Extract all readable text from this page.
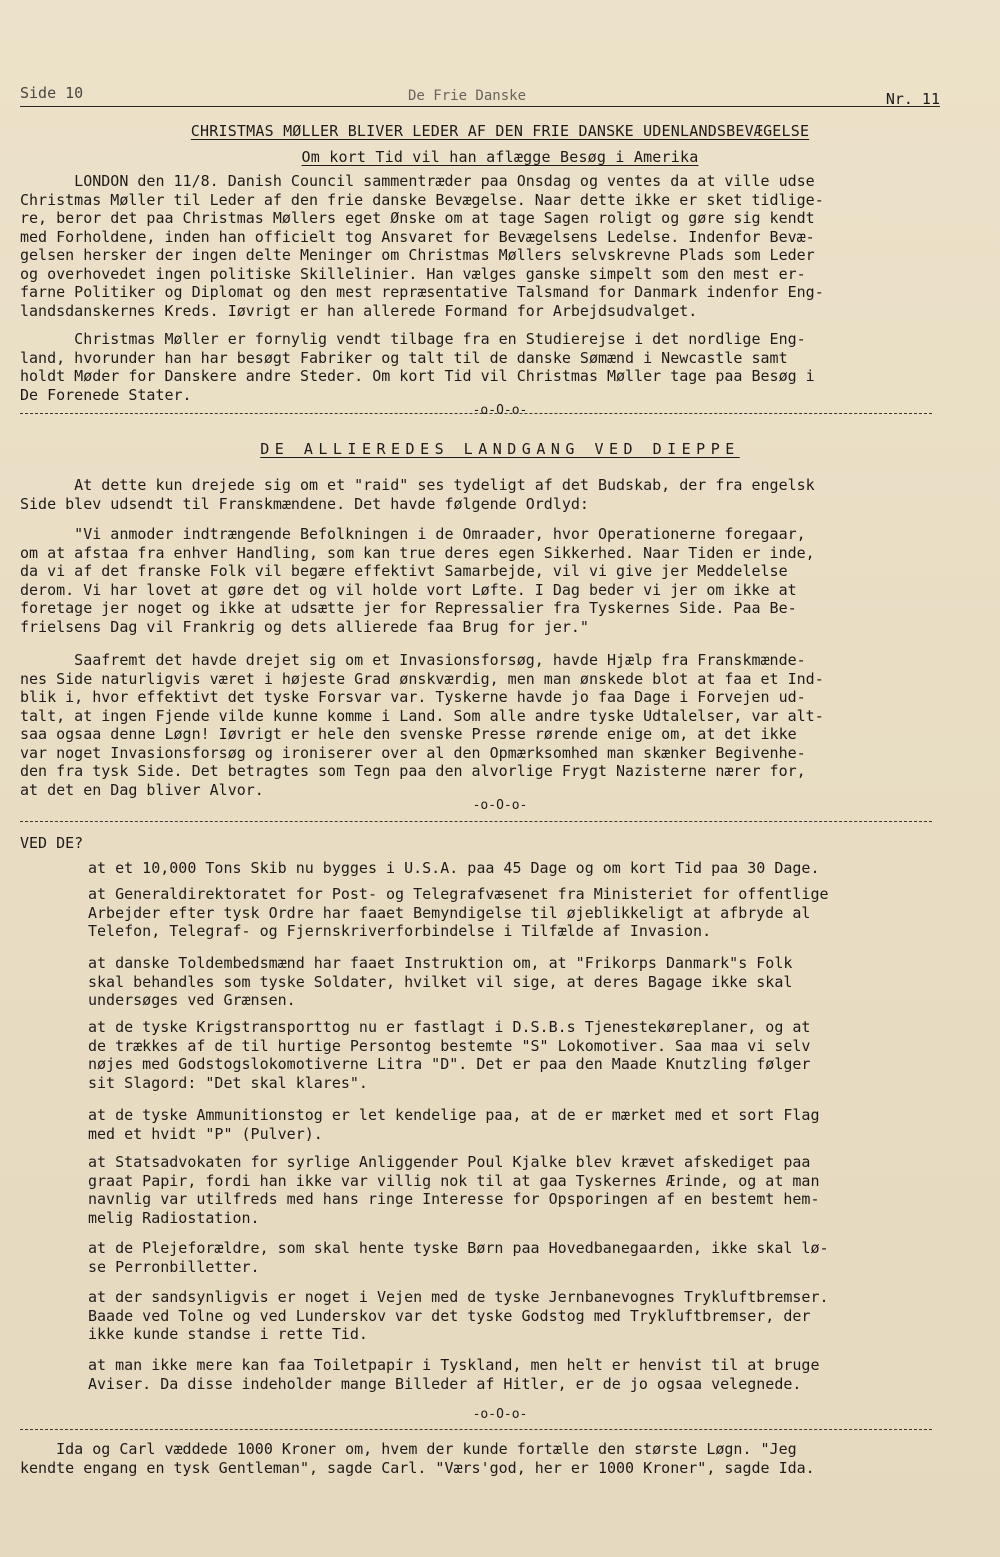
Side 10	De Frie Danske	Nr. 11
CHRISTMAS MØLLER BLIVER LEDER AF DEN FRIE DANSKE UDENLANDSBEVÆGELSE
Om kort Tid vil han aflægge Besøg i Amerika

LONDON den 11/8. Danish Council sammentræder paa Onsdag og ventes da at ville udse
Christmas Møller til Leder af den frie danske Bevægelse. Naar dette ikke er sket tidlige-
re, beror det paa Christmas Møllers eget Ønske om at tage Sagen roligt og gøre sig kendt
med Forholdene, inden han officielt tog Ansvaret for Bevægelsens Ledelse. Indenfor Bevæ-
gelsen hersker der ingen delte Meninger om Christmas Møllers selvskrevne Plads som Leder
og overhovedet ingen politiske Skillelinier. Han vælges ganske simpelt som den mest er-
farne Politiker og Diplomat og den mest repræsentative Talsmand for Danmark indenfor Eng-
landsdanskernes Kreds. Iøvrigt er han allerede Formand for Arbejdsudvalget.

Christmas Møller er fornylig vendt tilbage fra en Studierejse i det nordlige Eng-
land, hvorunder han har besøgt Fabriker og talt til de danske Sømænd i Newcastle samt
holdt Møder for Danskere andre Steder. Om kort Tid vil Christmas Møller tage paa Besøg i
De Forenede Stater.

-o-O-o-
DE ALLIEREDES LANDGANG VED DIEPPE

At dette kun drejede sig om et "raid" ses tydeligt af det Budskab, der fra engelsk
Side blev udsendt til Franskmændene. Det havde følgende Ordlyd:

"Vi anmoder indtrængende Befolkningen i de Omraader, hvor Operationerne foregaar,
om at afstaa fra enhver Handling, som kan true deres egen Sikkerhed. Naar Tiden er inde,
da vi af det franske Folk vil begære effektivt Samarbejde, vil vi give jer Meddelelse
derom. Vi har lovet at gøre det og vil holde vort Løfte. I Dag beder vi jer om ikke at
foretage jer noget og ikke at udsætte jer for Repressalier fra Tyskernes Side. Paa Be-
frielsens Dag vil Frankrig og dets allierede faa Brug for jer."

Saafremt det havde drejet sig om et Invasionsforsøg, havde Hjælp fra Franskmænde-
nes Side naturligvis været i højeste Grad ønskværdig, men man ønskede blot at faa et Ind-
blik i, hvor effektivt det tyske Forsvar var. Tyskerne havde jo faa Dage i Forvejen ud-
talt, at ingen Fjende vilde kunne komme i Land. Som alle andre tyske Udtalelser, var alt-
saa ogsaa denne Løgn! Iøvrigt er hele den svenske Presse rørende enige om, at det ikke
var noget Invasionsforsøg og ironiserer over al den Opmærksomhed man skænker Begivenhe-
den fra tysk Side. Det betragtes som Tegn paa den alvorlige Frygt Nazisterne nærer for,
at det en Dag bliver Alvor.

-o-O-o-
VED DE?

at et 10,000 Tons Skib nu bygges i U.S.A. paa 45 Dage og om kort Tid paa 30 Dage.

at Generaldirektoratet for Post- og Telegrafvæsenet fra Ministeriet for offentlige
Arbejder efter tysk Ordre har faaet Bemyndigelse til øjeblikkeligt at afbryde al
Telefon, Telegraf- og Fjernskriverforbindelse i Tilfælde af Invasion.

at danske Toldembedsmænd har faaet Instruktion om, at "Frikorps Danmark"s Folk
skal behandles som tyske Soldater, hvilket vil sige, at deres Bagage ikke skal
undersøges ved Grænsen.

at de tyske Krigstransporttog nu er fastlagt i D.S.B.s Tjenestekøreplaner, og at
de trækkes af de til hurtige Persontog bestemte "S" Lokomotiver. Saa maa vi selv
nøjes med Godstogslokomotiverne Litra "D". Det er paa den Maade Knutzling følger
sit Slagord: "Det skal klares".

at de tyske Ammunitionstog er let kendelige paa, at de er mærket med et sort Flag
med et hvidt "P" (Pulver).

at Statsadvokaten for syrlige Anliggender Poul Kjalke blev krævet afskediget paa
graat Papir, fordi han ikke var villig nok til at gaa Tyskernes Ærinde, og at man
navnlig var utilfreds med hans ringe Interesse for Opsporingen af en bestemt hem-
melig Radiostation.

at de Plejeforældre, som skal hente tyske Børn paa Hovedbanegaarden, ikke skal lø-
se Perronbilletter.

at der sandsynligvis er noget i Vejen med de tyske Jernbanevognes Trykluftbremser.
Baade ved Tolne og ved Lunderskov var det tyske Godstog med Trykluftbremser, der
ikke kunde standse i rette Tid.

at man ikke mere kan faa Toiletpapir i Tyskland, men helt er henvist til at bruge
Aviser. Da disse indeholder mange Billeder af Hitler, er de jo ogsaa velegnede.

-o-O-o-

Ida og Carl væddede 1000 Kroner om, hvem der kunde fortælle den største Løgn. "Jeg
kendte engang en tysk Gentleman", sagde Carl. "Værs'god, her er 1000 Kroner", sagde Ida.
